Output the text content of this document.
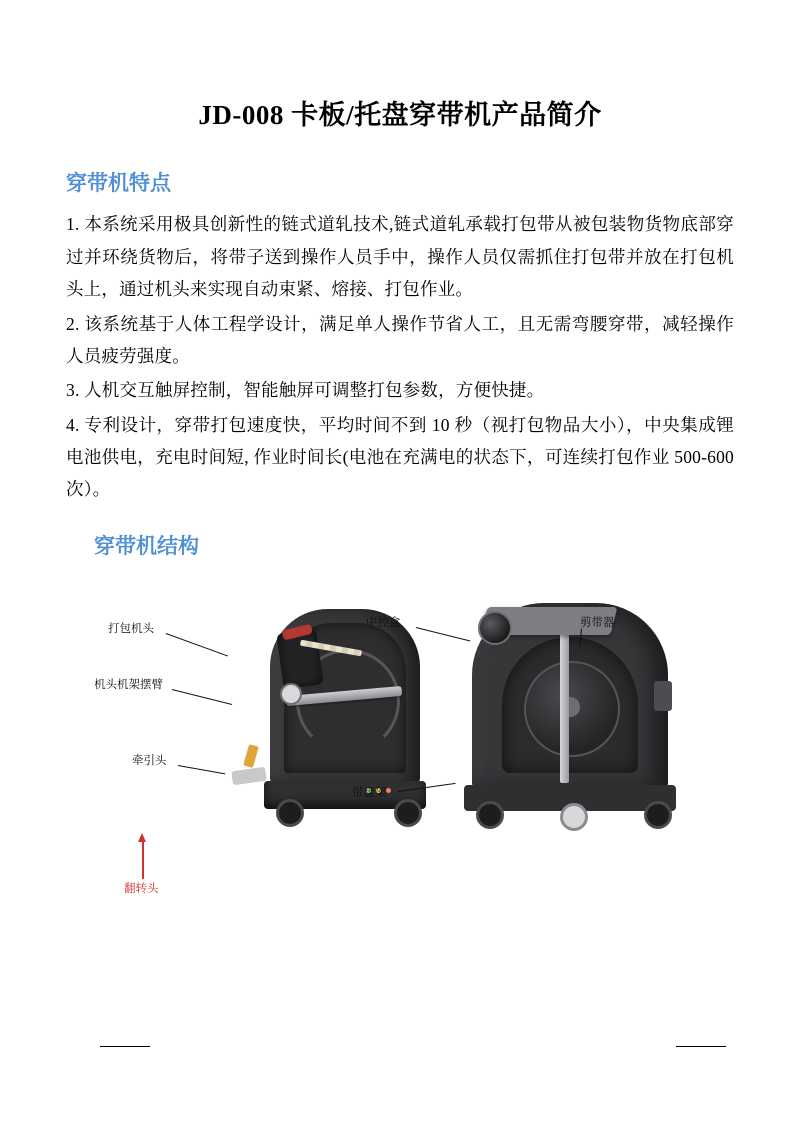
JD-008 卡板/托盘穿带机产品简介
穿带机特点

1. 本系统采用极具创新性的链式道轧技术,链式道轧承载打包带从被包装物货物底部穿过并环绕货物后，将带子送到操作人员手中，操作人员仅需抓住打包带并放在打包机头上，通过机头来实现自动束紧、熔接、打包作业。

2. 该系统基于人体工程学设计，满足单人操作节省人工，且无需弯腰穿带，减轻操作人员疲劳强度。

3. 人机交互触屏控制，智能触屏可调整打包参数，方便快捷。

4. 专利设计，穿带打包速度快，平均时间不到 10 秒（视打包物品大小），中央集成锂电池供电，充电时间短, 作业时间长(电池在充满电的状态下，可连续打包作业 500-600 次）。

穿带机结构
打包机头
机头机架摆臂
牵引头
翻转头
中控盒	剪带器
带盘架
